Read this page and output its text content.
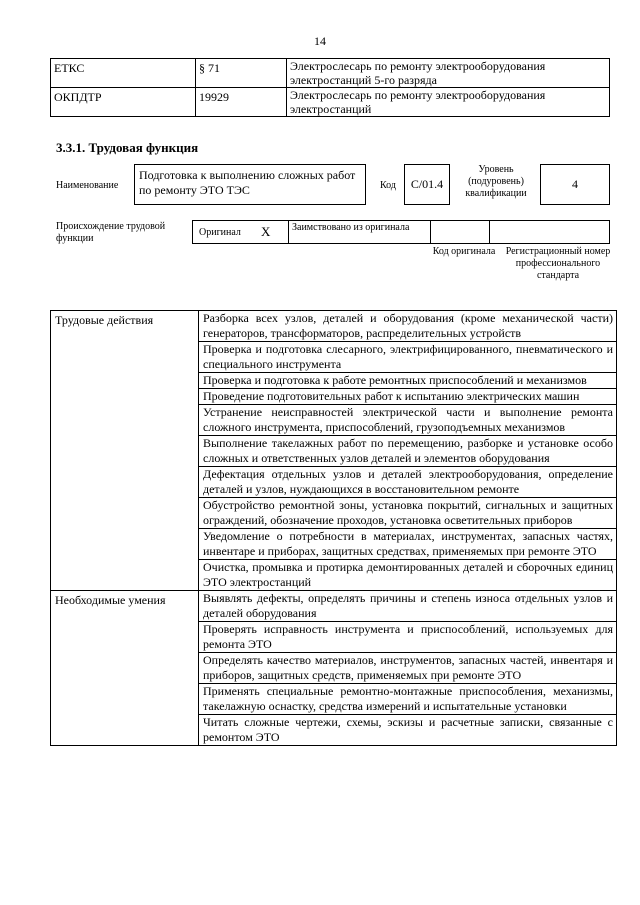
14
ЕТКС	§ 71	Электрослесарь по ремонту электрооборудования электростанций 5-го разряда
ОКПДТР	19929	Электрослесарь по ремонту электрооборудования электростанций
3.3.1. Трудовая функция
Наименование
Подготовка к выполнению сложных работ по ремонту ЭТО ТЭС	Код	C/01.4
Уровень (подуровень) квалификации
4
Происхождение трудовой функции
Оригинал X	Заимствовано из оригинала
Код оригинала Регистрационный номер профессионального стандарта
Трудовые действия	Разборка всех узлов, деталей и оборудования (кроме механической части) генераторов, трансформаторов, распределительных устройств
	Проверка и подготовка слесарного, электрифицированного, пневматического и специального инструмента
	Проверка и подготовка к работе ремонтных приспособлений и механизмов
	Проведение подготовительных работ к испытанию электрических машин
	Устранение неисправностей электрической части и выполнение ремонта сложного инструмента, приспособлений, грузоподъемных механизмов
	Выполнение такелажных работ по перемещению, разборке и установке особо сложных и ответственных узлов деталей и элементов оборудования
	Дефектация отдельных узлов и деталей электрооборудования, определение деталей и узлов, нуждающихся в восстановительном ремонте
	Обустройство ремонтной зоны, установка покрытий, сигнальных и защитных ограждений, обозначение проходов, установка осветительных приборов
	Уведомление о потребности в материалах, инструментах, запасных частях, инвентаре и приборах, защитных средствах, применяемых при ремонте ЭТО
	Очистка, промывка и протирка демонтированных деталей и сборочных единиц ЭТО электростанций
Необходимые умения	Выявлять дефекты, определять причины и степень износа отдельных узлов и деталей оборудования
	Проверять исправность инструмента и приспособлений, используемых для ремонта ЭТО
	Определять качество материалов, инструментов, запасных частей, инвентаря и приборов, защитных средств, применяемых при ремонте ЭТО
	Применять специальные ремонтно-монтажные приспособления, механизмы, такелажную оснастку, средства измерений и испытательные установки
	Читать сложные чертежи, схемы, эскизы и расчетные записки, связанные с ремонтом ЭТО
